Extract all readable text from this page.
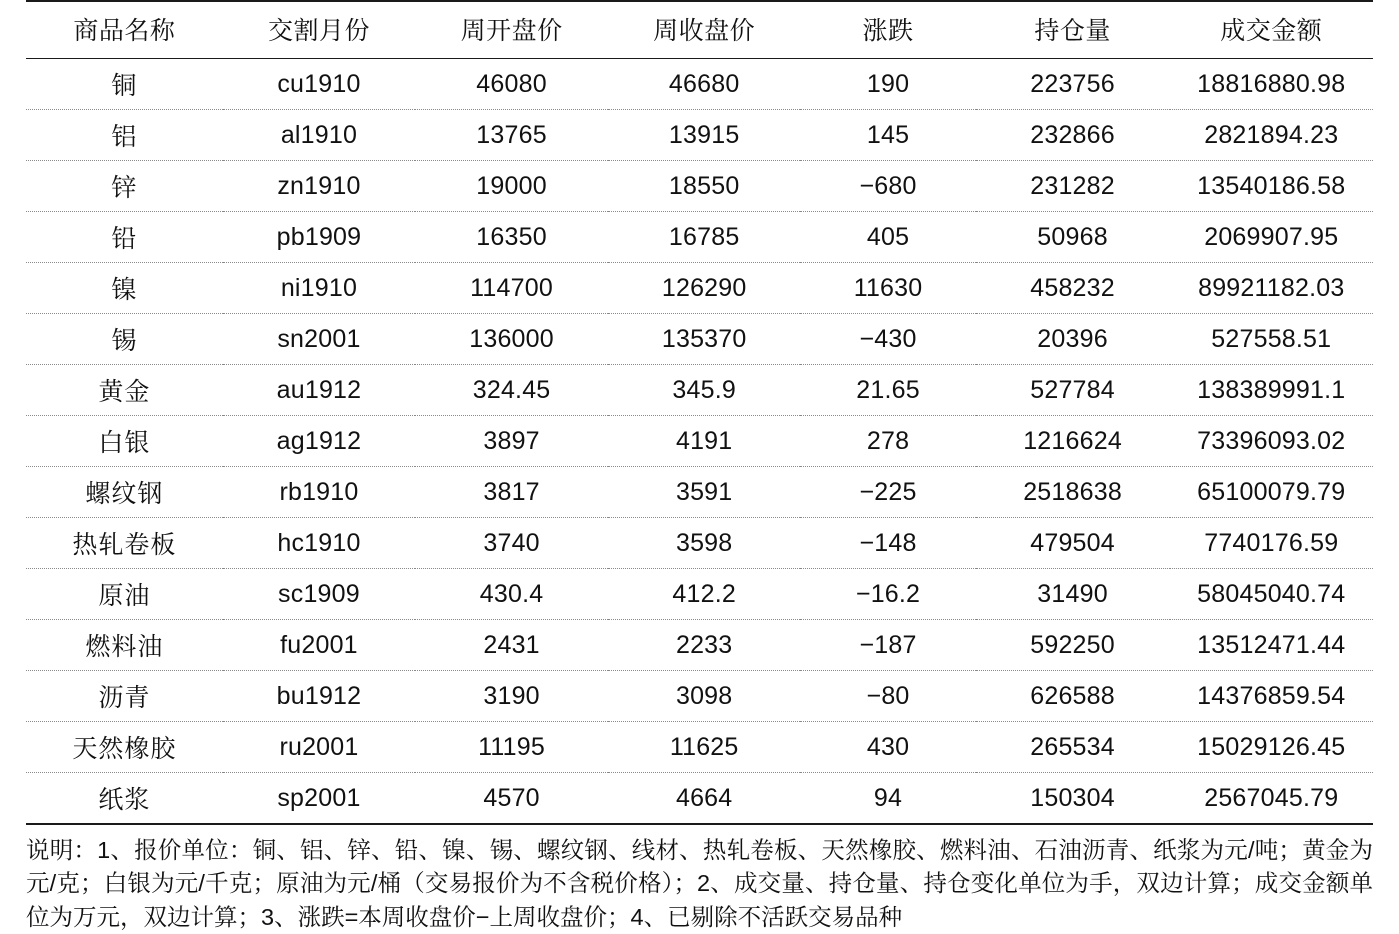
商品名称	交割月份	周开盘价	周收盘价	涨跌	持仓量	成交金额
铜	cu1910	46080	46680	190	223756	18816880.98
铝	al1910	13765	13915	145	232866	2821894.23
锌	zn1910	19000	18550	−680	231282	13540186.58
铅	pb1909	16350	16785	405	50968	2069907.95
镍	ni1910	114700	126290	11630	458232	89921182.03
锡	sn2001	136000	135370	−430	20396	527558.51
黄金	au1912	324.45	345.9	21.65	527784	138389991.1
白银	ag1912	3897	4191	278	1216624	73396093.02
螺纹钢	rb1910	3817	3591	−225	2518638	65100079.79
热轧卷板	hc1910	3740	3598	−148	479504	7740176.59
原油	sc1909	430.4	412.2	−16.2	31490	58045040.74
燃料油	fu2001	2431	2233	−187	592250	13512471.44
沥青	bu1912	3190	3098	−80	626588	14376859.54
天然橡胶	ru2001	11195	11625	430	265534	15029126.45
纸浆	sp2001	4570	4664	94	150304	2567045.79

说明：1、报价单位：铜、铝、锌、铅、镍、锡、螺纹钢、线材、热轧卷板、天然橡胶、燃料油、石油沥青、纸浆为元/吨；黄金为元/克；白银为元/千克；原油为元/桶（交易报价为不含税价格）；2、成交量、持仓量、持仓变化单位为手，双边计算；成交金额单位为万元，双边计算；3、涨跌=本周收盘价−上周收盘价；4、已剔除不活跃交易品种
